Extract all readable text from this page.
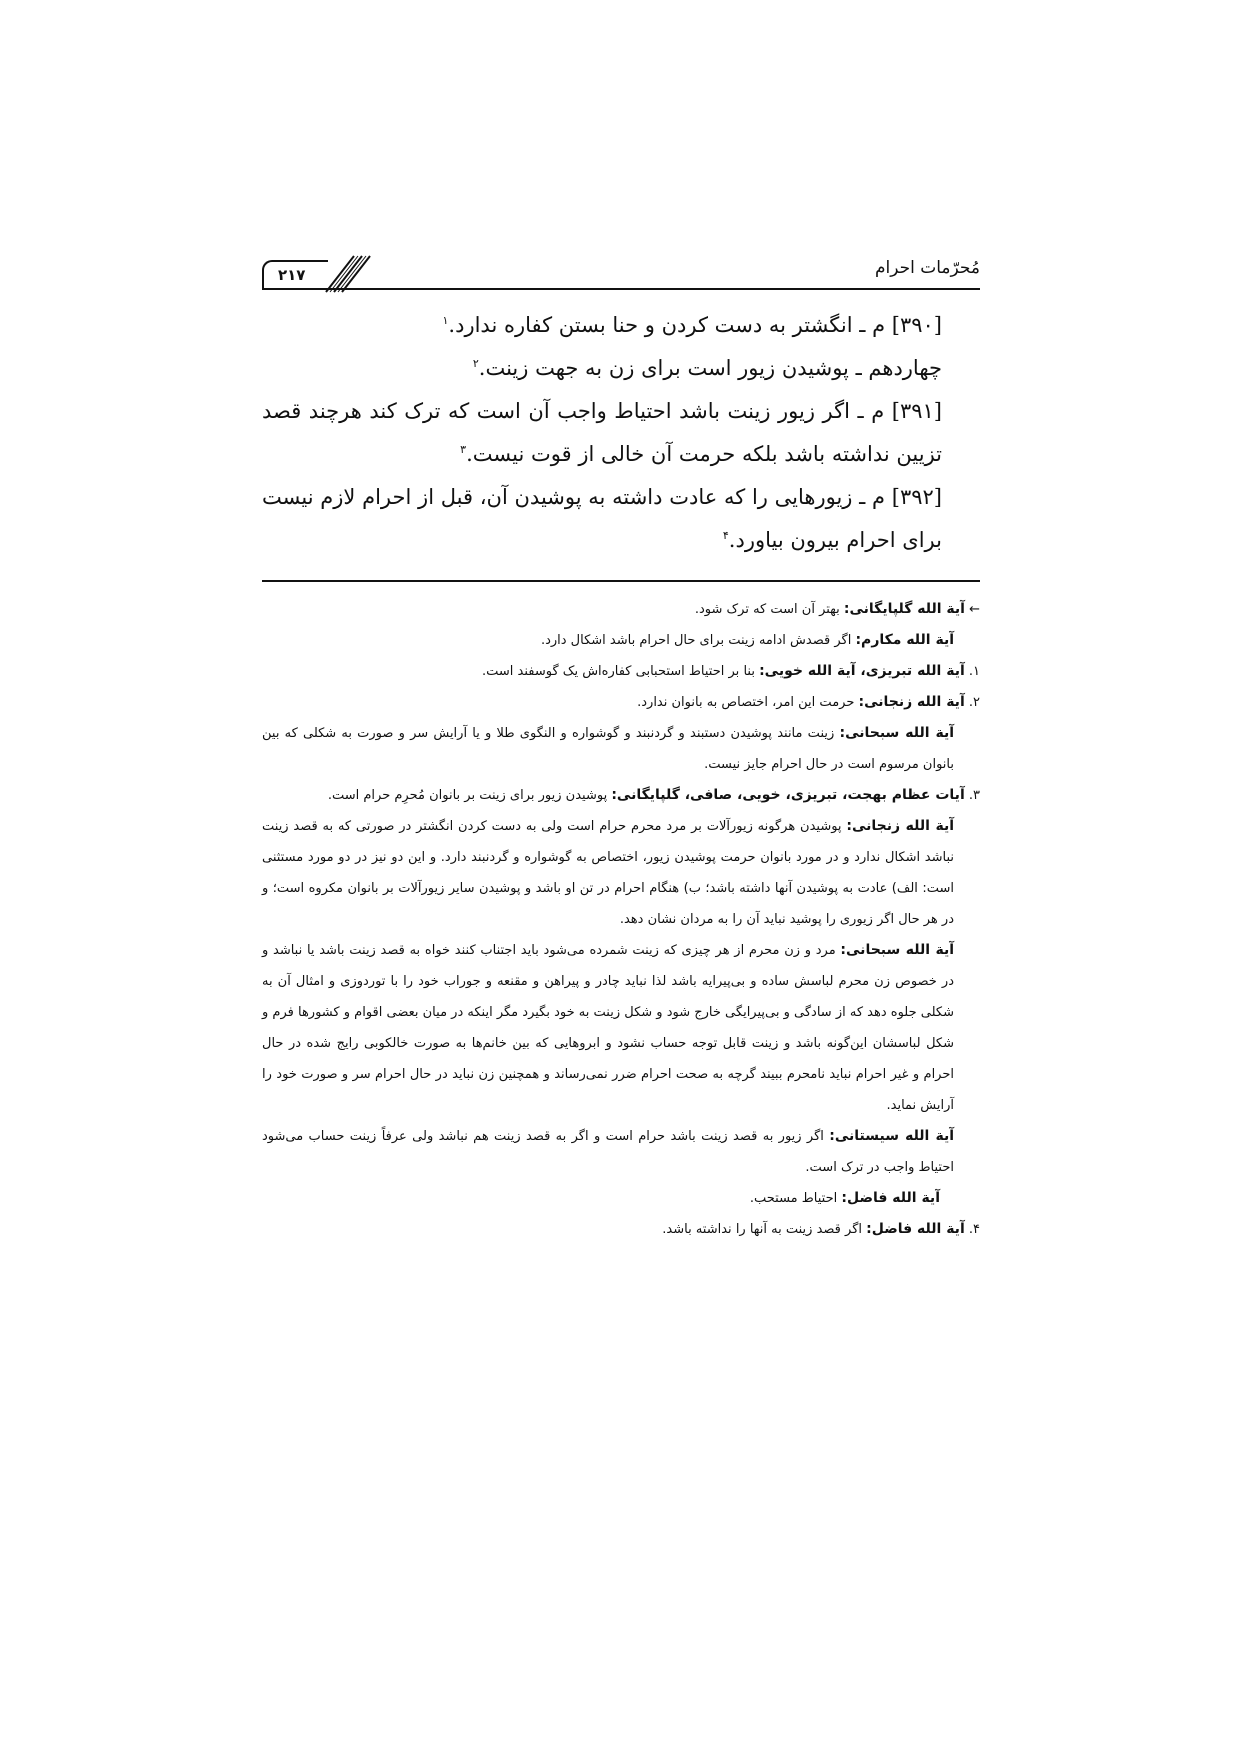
مُحرّمات احرام
۲۱۷

[۳۹۰] م ـ انگشتر به دست کردن و حنا بستن کفاره ندارد.$^۱$

چهاردهم ـ پوشیدن زیور است برای زن به جهت زینت.$^۲$

[۳۹۱] م ـ اگر زیور زینت باشد احتیاط واجب آن است که ترک کند هرچند قصد تزیین نداشته باشد بلکه حرمت آن خالی از قوت نیست.$^۳$

[۳۹۲] م ـ زیورهایی را که عادت داشته به پوشیدن آن، قبل از احرام لازم نیست برای احرام بیرون بیاورد.$^۴$

← آیة الله گلپایگانی: بهتر آن است که ترک شود.

آیة الله مکارم: اگر قصدش ادامه زینت برای حال احرام باشد اشکال دارد.

۱. آیة الله تبریزی، آیة الله خویی: بنا بر احتیاط استحبابی کفاره‌اش یک گوسفند است.

۲. آیة الله زنجانی: حرمت این امر، اختصاص به بانوان ندارد.

آیة الله سبحانی: زینت مانند پوشیدن دستبند و گردنبند و گوشواره و النگوی طلا و یا آرایش سر و صورت به شکلی که بین بانوان مرسوم است در حال احرام جایز نیست.

۳. آیات عظام بهجت، تبریزی، خویی، صافی، گلپایگانی: پوشیدن زیور برای زینت بر بانوان مُحرِم حرام است.

آیة الله زنجانی: پوشیدن هرگونه زیورآلات بر مرد محرم حرام است ولی به دست کردن انگشتر در صورتی که به قصد زینت نباشد اشکال ندارد و در مورد بانوان حرمت پوشیدن زیور، اختصاص به گوشواره و گردنبند دارد. و این دو نیز در دو مورد مستثنی است: الف) عادت به پوشیدن آنها داشته باشد؛ ب) هنگام احرام در تن او باشد و پوشیدن سایر زیورآلات بر بانوان مکروه است؛ و در هر حال اگر زیوری را پوشید نباید آن را به مردان نشان دهد.

آیة الله سبحانی: مرد و زن محرم از هر چیزی که زینت شمرده می‌شود باید اجتناب کنند خواه به قصد زینت باشد یا نباشد و در خصوص زن محرم لباسش ساده و بی‌پیرایه باشد لذا نباید چادر و پیراهن و مقنعه و جوراب خود را با توردوزی و امثال آن به شکلی جلوه دهد که از سادگی و بی‌پیرایگی خارج شود و شکل زینت به خود بگیرد مگر اینکه در میان بعضی اقوام و کشورها فرم و شکل لباسشان این‌گونه باشد و زینت قابل توجه حساب نشود و ابروهایی که بین خانم‌ها به صورت خالکوبی رایج شده در حال احرام و غیر احرام نباید نامحرم ببیند گرچه به صحت احرام ضرر نمی‌رساند و همچنین زن نباید در حال احرام سر و صورت خود را آرایش نماید.

آیة الله سیستانی: اگر زیور به قصد زینت باشد حرام است و اگر به قصد زینت هم نباشد ولی عرفاً زینت حساب می‌شود احتیاط واجب در ترک است.

آیة الله فاضل: احتیاط مستحب.

۴. آیة الله فاضل: اگر قصد زینت به آنها را نداشته باشد.
